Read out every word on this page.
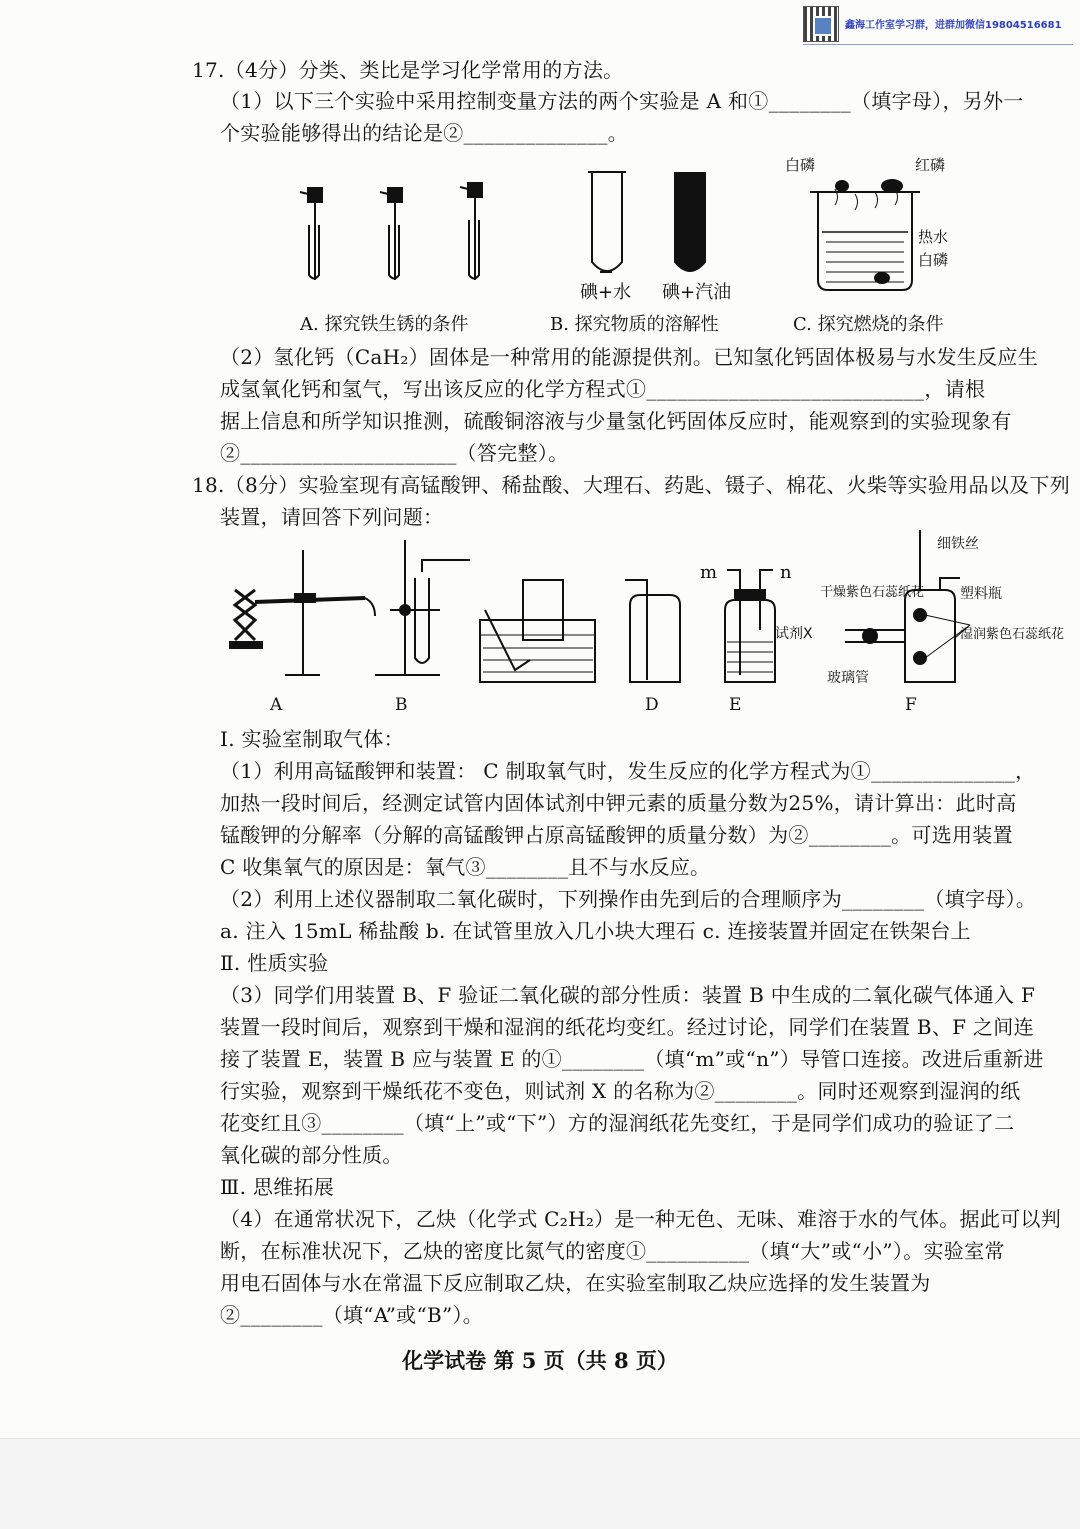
鑫海工作室学习群，进群加微信19804516681
17.（4分）分类、类比是学习化学常用的方法。
（1）以下三个实验中采用控制变量方法的两个实验是 A 和①________（填字母），另外一
个实验能够得出的结论是②______________。
碘+水 碘+汽油
白磷	红磷
热水
白磷
A. 探究铁生锈的条件	B. 探究物质的溶解性	C. 探究燃烧的条件
（2）氢化钙（CaH₂）固体是一种常用的能源提供剂。已知氢化钙固体极易与水发生反应生
成氢氧化钙和氢气，写出该反应的化学方程式①___________________________，请根
据上信息和所学知识推测，硫酸铜溶液与少量氢化钙固体反应时，能观察到的实验现象有
②_____________________（答完整）。
18.（8分）实验室现有高锰酸钾、稀盐酸、大理石、药匙、镊子、棉花、火柴等实验用品以及下列
装置，请回答下列问题：
A	B	D	E	F
m	n
试剂X
细铁丝
干燥紫色石蕊纸花	塑料瓶
湿润紫色石蕊纸花
玻璃管
Ⅰ. 实验室制取气体：
（1）利用高锰酸钾和装置： C 制取氧气时，发生反应的化学方程式为①______________，
加热一段时间后，经测定试管内固体试剂中钾元素的质量分数为25%，请计算出：此时高
锰酸钾的分解率（分解的高锰酸钾占原高锰酸钾的质量分数）为②________。可选用装置
C 收集氧气的原因是：氧气③________且不与水反应。
（2）利用上述仪器制取二氧化碳时，下列操作由先到后的合理顺序为________（填字母）。
a. 注入 15mL 稀盐酸 b. 在试管里放入几小块大理石 c. 连接装置并固定在铁架台上
Ⅱ. 性质实验
（3）同学们用装置 B、F 验证二氧化碳的部分性质：装置 B 中生成的二氧化碳气体通入 F
装置一段时间后，观察到干燥和湿润的纸花均变红。经过讨论，同学们在装置 B、F 之间连
接了装置 E，装置 B 应与装置 E 的①________（填“m”或“n”）导管口连接。改进后重新进
行实验，观察到干燥纸花不变色，则试剂 X 的名称为②________。同时还观察到湿润的纸
花变红且③________（填“上”或“下”）方的湿润纸花先变红，于是同学们成功的验证了二
氧化碳的部分性质。
Ⅲ. 思维拓展
（4）在通常状况下，乙炔（化学式 C₂H₂）是一种无色、无味、难溶于水的气体。据此可以判
断，在标准状况下，乙炔的密度比氮气的密度①__________（填“大”或“小”）。实验室常
用电石固体与水在常温下反应制取乙炔，在实验室制取乙炔应选择的发生装置为
②________（填“A”或“B”）。
化学试卷 第 5 页（共 8 页）
